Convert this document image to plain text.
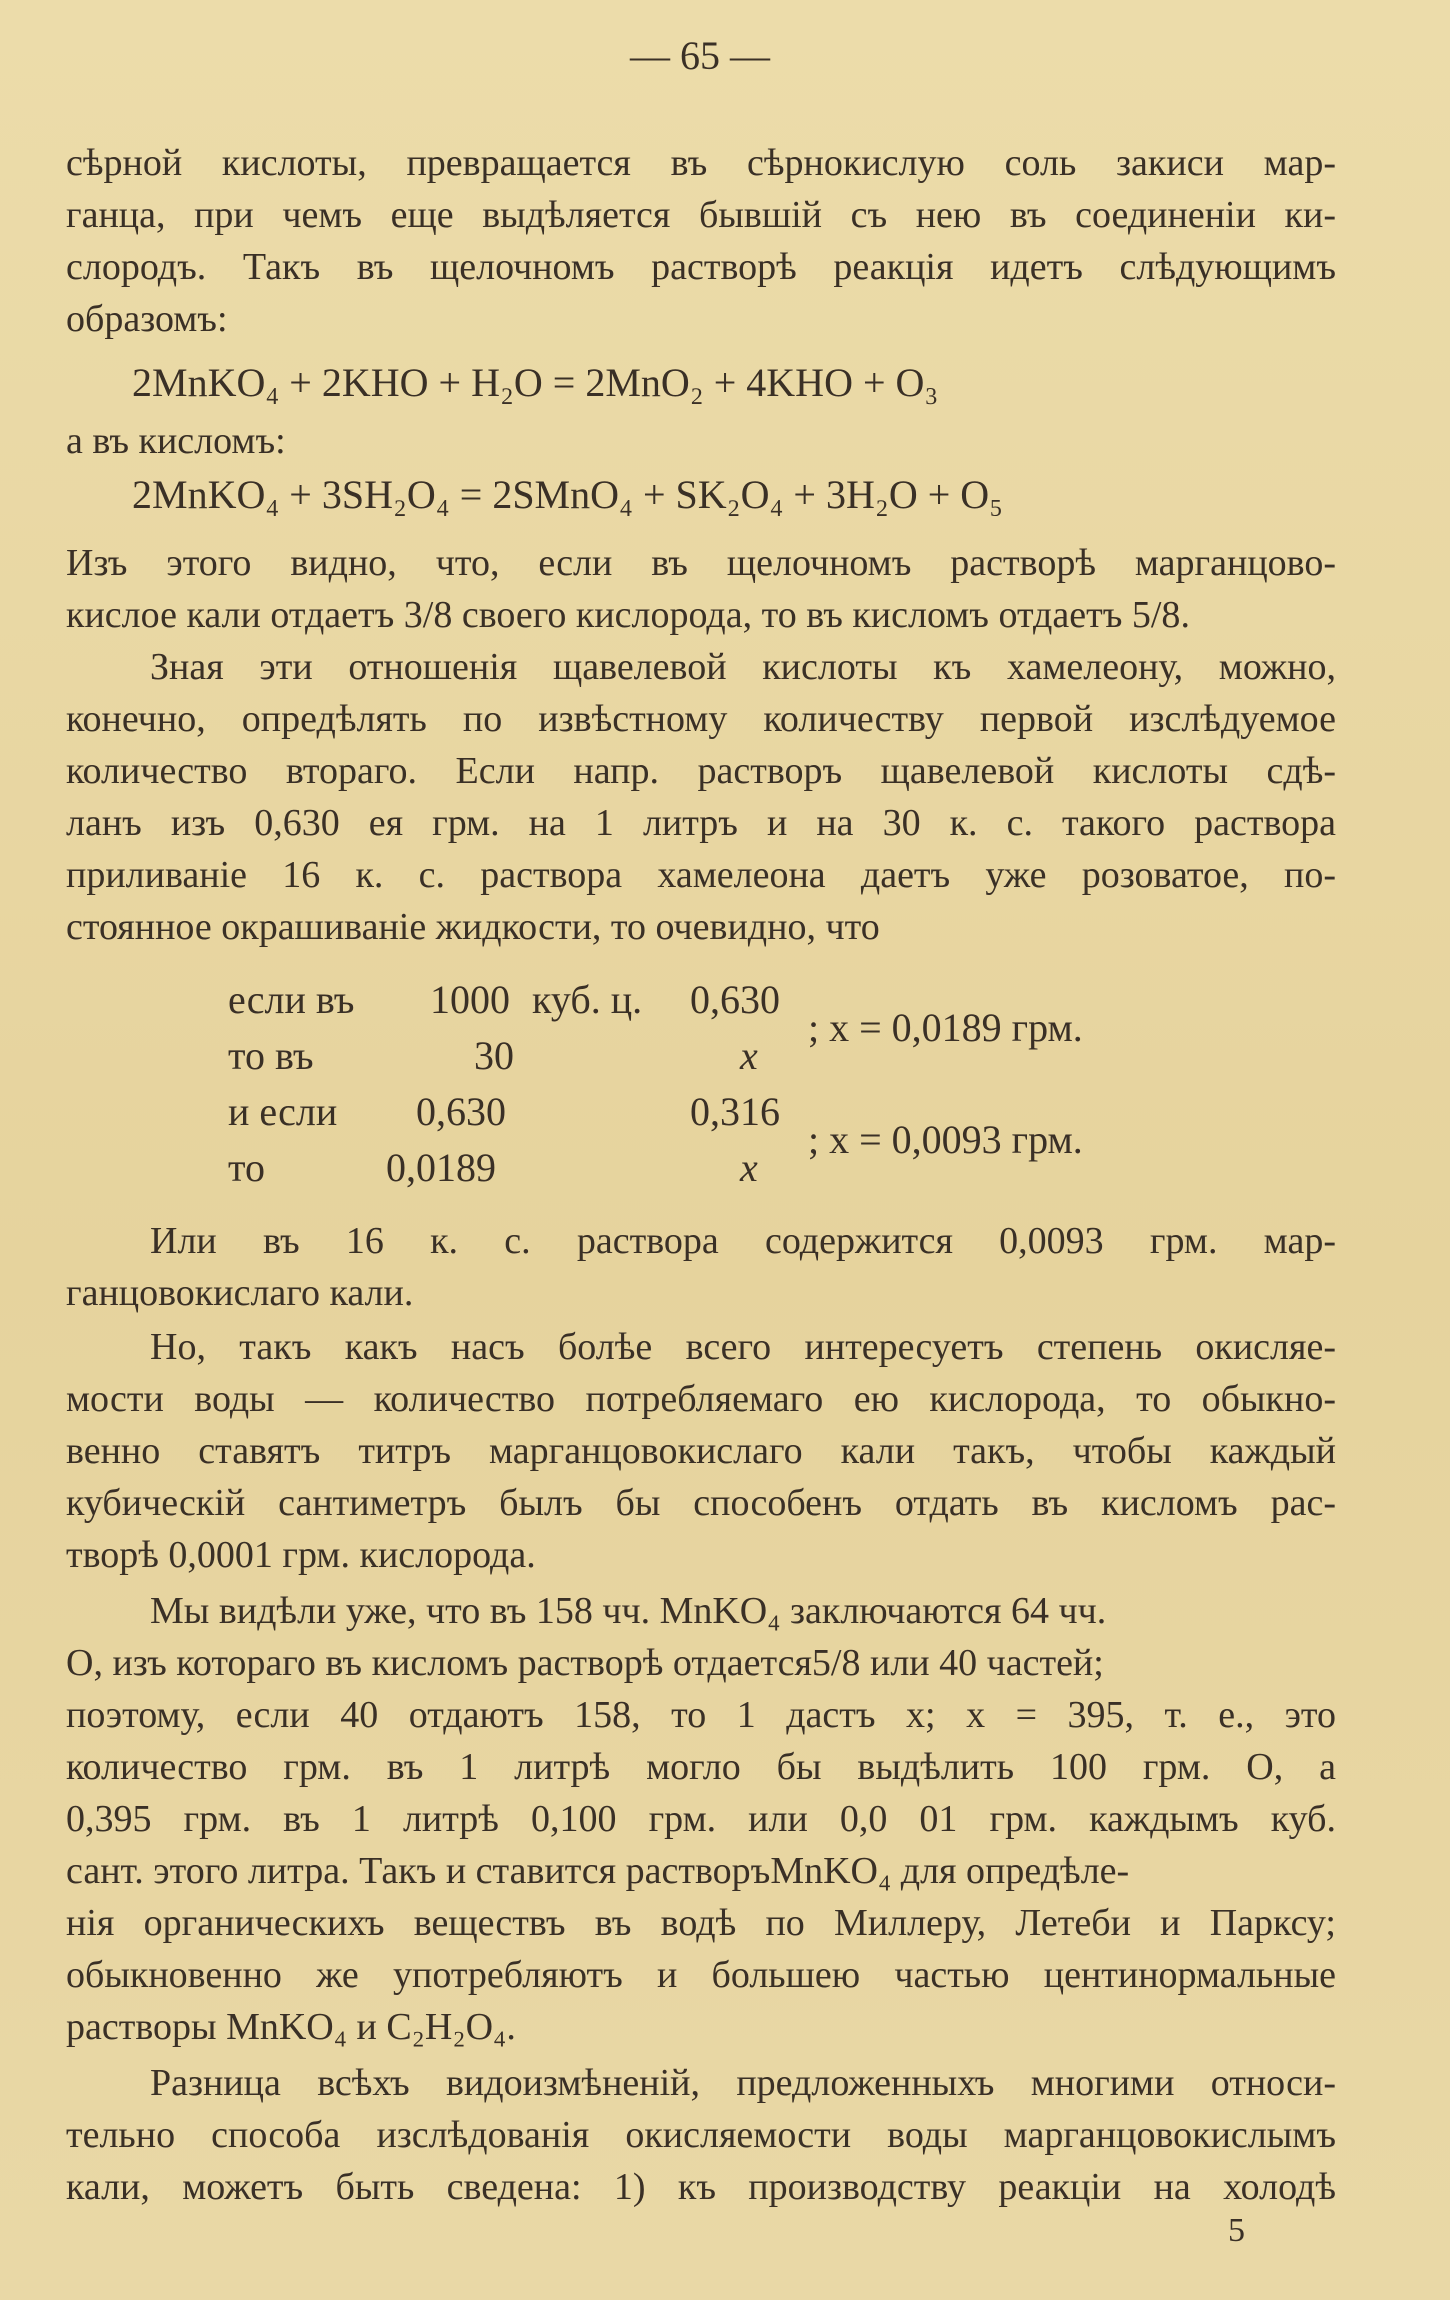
— 65 —
сѣрной кислоты, превращается въ сѣрнокислую соль закиси мар-
ганца, при чемъ еще выдѣляется бывшій съ нею въ соединеніи ки-
слородъ. Такъ въ щелочномъ растворѣ реакція идетъ слѣдующимъ
образомъ:
2MnKO₄ + 2KHO + H₂O = 2MnO₂ + 4KHO + O₃
а въ кисломъ:
2MnKO₄ + 3SH₂O₄ = 2SMnO₄ + SK₂O₄ + 3H₂O + O₅
Изъ этого видно, что, если въ щелочномъ растворѣ марганцово-
кислое кали отдаетъ 3/8 своего кислорода, то въ кисломъ отдаетъ 5/8.
Зная эти отношенія щавелевой кислоты къ хамелеону, можно,
конечно, опредѣлять по извѣстному количеству первой изслѣдуемое
количество втораго. Если напр. растворъ щавелевой кислоты сдѣ-
ланъ изъ 0,630 ея грм. на 1 литръ и на 30 к. с. такого раствора
приливаніе 16 к. с. раствора хамелеона даетъ уже розоватое, по-
стоянное окрашиваніе жидкости, то очевидно, что
если въ 1000 куб. ц. 0,630
то въ	30	x
; x = 0,0189 грм.
и если 0,630	0,316
то	0,0189	x
; x = 0,0093 грм.
Или въ 16 к. с. раствора содержится 0,0093 грм. мар-
ганцовокислаго кали.
Но, такъ какъ насъ болѣе всего интересуетъ степень окисляе-
мости воды — количество потребляемаго ею кислорода, то обыкно-
венно ставятъ титръ марганцовокислаго кали такъ, чтобы каждый
кубическій сантиметръ былъ бы способенъ отдать въ кисломъ рас-
творѣ 0,0001 грм. кислорода.
Мы видѣли уже, что въ 158 чч. MnKO₄ заключаются 64 чч.
О, изъ котораго въ кисломъ растворѣ отдается5/8 или 40 частей;
поэтому, если 40 отдаютъ 158, то 1 дастъ x; x = 395, т. е., это
количество грм. въ 1 литрѣ могло бы выдѣлить 100 грм. О, а
0,395 грм. въ 1 литрѣ 0,100 грм. или 0,0 01 грм. каждымъ куб.
сант. этого литра. Такъ и ставится растворъMnKO₄ для опредѣле-
нія органическихъ веществъ въ водѣ по Миллеру, Летеби и Парксу;
обыкновенно же употребляютъ и большею частью центинормальные
растворы MnKO₄ и C₂H₂O₄.
Разница всѣхъ видоизмѣненій, предложенныхъ многими относи-
тельно способа изслѣдованія окисляемости воды марганцовокислымъ
кали, можетъ быть сведена: 1) къ производству реакціи на холодѣ
5
